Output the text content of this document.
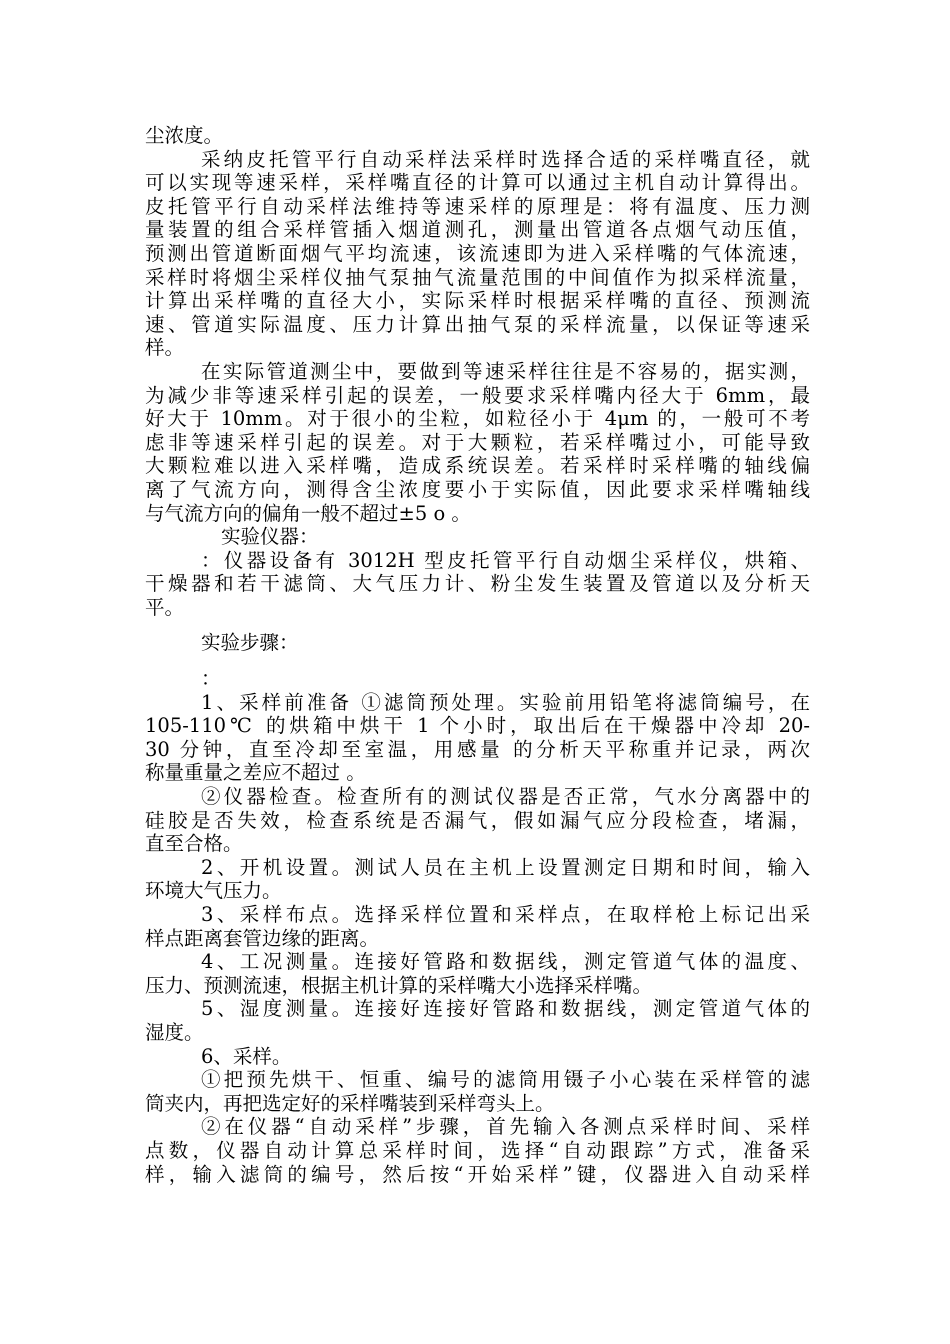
尘浓度。
采纳皮托管平行自动采样法采样时选择合适的采样嘴直径，就
可以实现等速采样，采样嘴直径的计算可以通过主机自动计算得出。
皮托管平行自动采样法维持等速采样的原理是：将有温度、压力测
量装置的组合采样管插入烟道测孔，测量出管道各点烟气动压值，
预测出管道断面烟气平均流速，该流速即为进入采样嘴的气体流速，
采样时将烟尘采样仪抽气泵抽气流量范围的中间值作为拟采样流量，
计算出采样嘴的直径大小，实际采样时根据采样嘴的直径、预测流
速、管道实际温度、压力计算出抽气泵的采样流量，以保证等速采
样。
在实际管道测尘中，要做到等速采样往往是不容易的，据实测，
为减少非等速采样引起的误差，一般要求采样嘴内径大于 6mm，最
好大于 10mm。对于很小的尘粒，如粒径小于 4μm 的，一般可不考
虑非等速采样引起的误差。对于大颗粒，若采样嘴过小，可能导致
大颗粒难以进入采样嘴，造成系统误差。若采样时采样嘴的轴线偏
离了气流方向，测得含尘浓度要小于实际值，因此要求采样嘴轴线
与气流方向的偏角一般不超过±5 ο 。
实验仪器：
：仪器设备有 3012H 型皮托管平行自动烟尘采样仪，烘箱、
干燥器和若干滤筒、大气压力计、粉尘发生装置及管道以及分析天
平。
实验步骤：
：
1、采样前准备 ①滤筒预处理。实验前用铅笔将滤筒编号，在
105-110℃ 的烘箱中烘干 1 个小时，取出后在干燥器中冷却 20-
30 分钟，直至冷却至室温，用感量 的分析天平称重并记录，两次
称量重量之差应不超过 。
②仪器检查。检查所有的测试仪器是否正常，气水分离器中的
硅胶是否失效，检查系统是否漏气，假如漏气应分段检查，堵漏，
直至合格。
2、开机设置。测试人员在主机上设置测定日期和时间，输入
环境大气压力。
3、采样布点。选择采样位置和采样点，在取样枪上标记出采
样点距离套管边缘的距离。
4、工况测量。连接好管路和数据线，测定管道气体的温度、
压力、预测流速，根据主机计算的采样嘴大小选择采样嘴。
5、湿度测量。连接好连接好管路和数据线，测定管道气体的
湿度。
6、采样。
①把预先烘干、恒重、编号的滤筒用镊子小心装在采样管的滤
筒夹内，再把选定好的采样嘴装到采样弯头上。
②在仪器“自动采样”步骤，首先输入各测点采样时间、采样
点数，仪器自动计算总采样时间，选择“自动跟踪”方式，准备采
样，输入滤筒的编号，然后按“开始采样”键，仪器进入自动采样
